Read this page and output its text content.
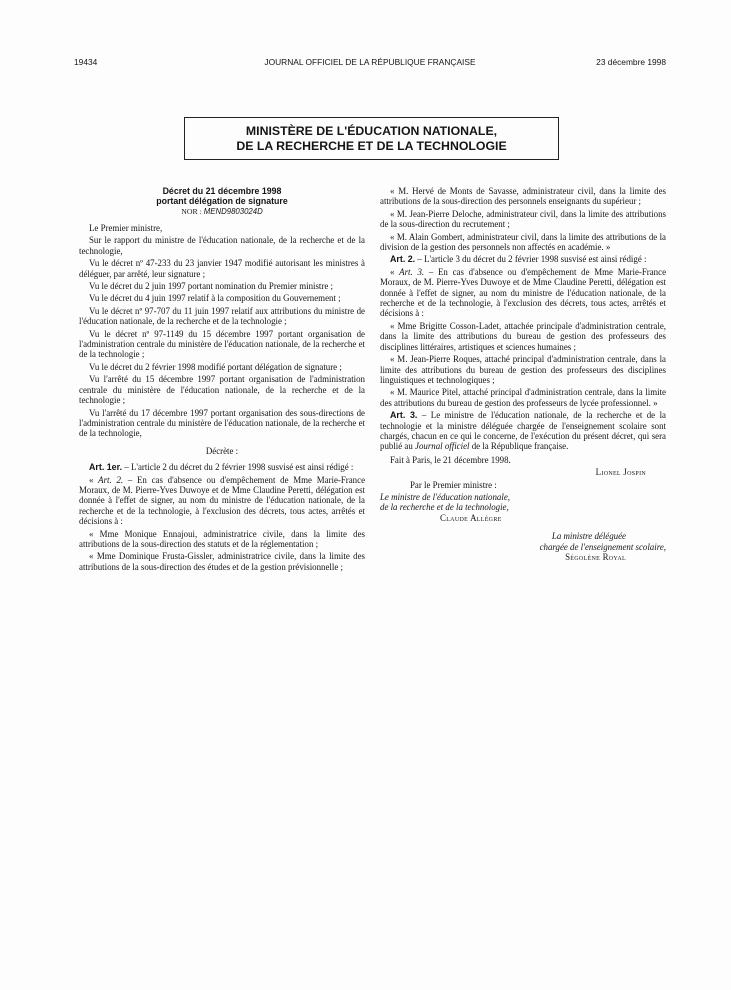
19434	JOURNAL OFFICIEL DE LA RÉPUBLIQUE FRANÇAISE	23 décembre 1998
MINISTÈRE DE L'ÉDUCATION NATIONALE,
DE LA RECHERCHE ET DE LA TECHNOLOGIE
Décret du 21 décembre 1998
portant délégation de signature
NOR : MEND9803024D

Le Premier ministre,

Sur le rapport du ministre de l'éducation nationale, de la recherche et de la technologie,

Vu le décret nº 47-233 du 23 janvier 1947 modifié autorisant les ministres à déléguer, par arrêté, leur signature ;

Vu le décret du 2 juin 1997 portant nomination du Premier ministre ;

Vu le décret du 4 juin 1997 relatif à la composition du Gouvernement ;

Vu le décret nº 97-707 du 11 juin 1997 relatif aux attributions du ministre de l'éducation nationale, de la recherche et de la technologie ;

Vu le décret nº 97-1149 du 15 décembre 1997 portant organisation de l'administration centrale du ministère de l'éducation nationale, de la recherche et de la technologie ;

Vu le décret du 2 février 1998 modifié portant délégation de signature ;

Vu l'arrêté du 15 décembre 1997 portant organisation de l'administration centrale du ministère de l'éducation nationale, de la recherche et de la technologie ;

Vu l'arrêté du 17 décembre 1997 portant organisation des sous-directions de l'administration centrale du ministère de l'éducation nationale, de la recherche et de la technologie,

Décrète :

Art. 1er. – L'article 2 du décret du 2 février 1998 susvisé est ainsi rédigé :

« Art. 2. – En cas d'absence ou d'empêchement de Mme Marie-France Moraux, de M. Pierre-Yves Duwoye et de Mme Claudine Peretti, délégation est donnée à l'effet de signer, au nom du ministre de l'éducation nationale, de la recherche et de la technologie, à l'exclusion des décrets, tous actes, arrêtés et décisions à :

« Mme Monique Ennajoui, administratrice civile, dans la limite des attributions de la sous-direction des statuts et de la réglementation ;

« Mme Dominique Frusta-Gissler, administratrice civile, dans la limite des attributions de la sous-direction des études et de la gestion prévisionnelle ;

« M. Hervé de Monts de Savasse, administrateur civil, dans la limite des attributions de la sous-direction des personnels enseignants du supérieur ;

« M. Jean-Pierre Deloche, administrateur civil, dans la limite des attributions de la sous-direction du recrutement ;

« M. Alain Gombert, administrateur civil, dans la limite des attributions de la division de la gestion des personnels non affectés en académie. »

Art. 2. – L'article 3 du décret du 2 février 1998 susvisé est ainsi rédigé :

« Art. 3. – En cas d'absence ou d'empêchement de Mme Marie-France Moraux, de M. Pierre-Yves Duwoye et de Mme Claudine Peretti, délégation est donnée à l'effet de signer, au nom du ministre de l'éducation nationale, de la recherche et de la technologie, à l'exclusion des décrets, tous actes, arrêtés et décisions à :

« Mme Brigitte Cosson-Ladet, attachée principale d'administration centrale, dans la limite des attributions du bureau de gestion des professeurs des disciplines littéraires, artistiques et sciences humaines ;

« M. Jean-Pierre Roques, attaché principal d'administration centrale, dans la limite des attributions du bureau de gestion des professeurs des disciplines linguistiques et technologiques ;

« M. Maurice Pitel, attaché principal d'administration centrale, dans la limite des attributions du bureau de gestion des professeurs de lycée professionnel. »

Art. 3. – Le ministre de l'éducation nationale, de la recherche et de la technologie et la ministre déléguée chargée de l'enseignement scolaire sont chargés, chacun en ce qui le concerne, de l'exécution du présent décret, qui sera publié au Journal officiel de la République française.

Fait à Paris, le 21 décembre 1998.

Lionel Jospin

Par le Premier ministre :

Le ministre de l'éducation nationale,

de la recherche et de la technologie,

Claude Allègre

La ministre déléguée

chargée de l'enseignement scolaire,

Ségolène Royal
